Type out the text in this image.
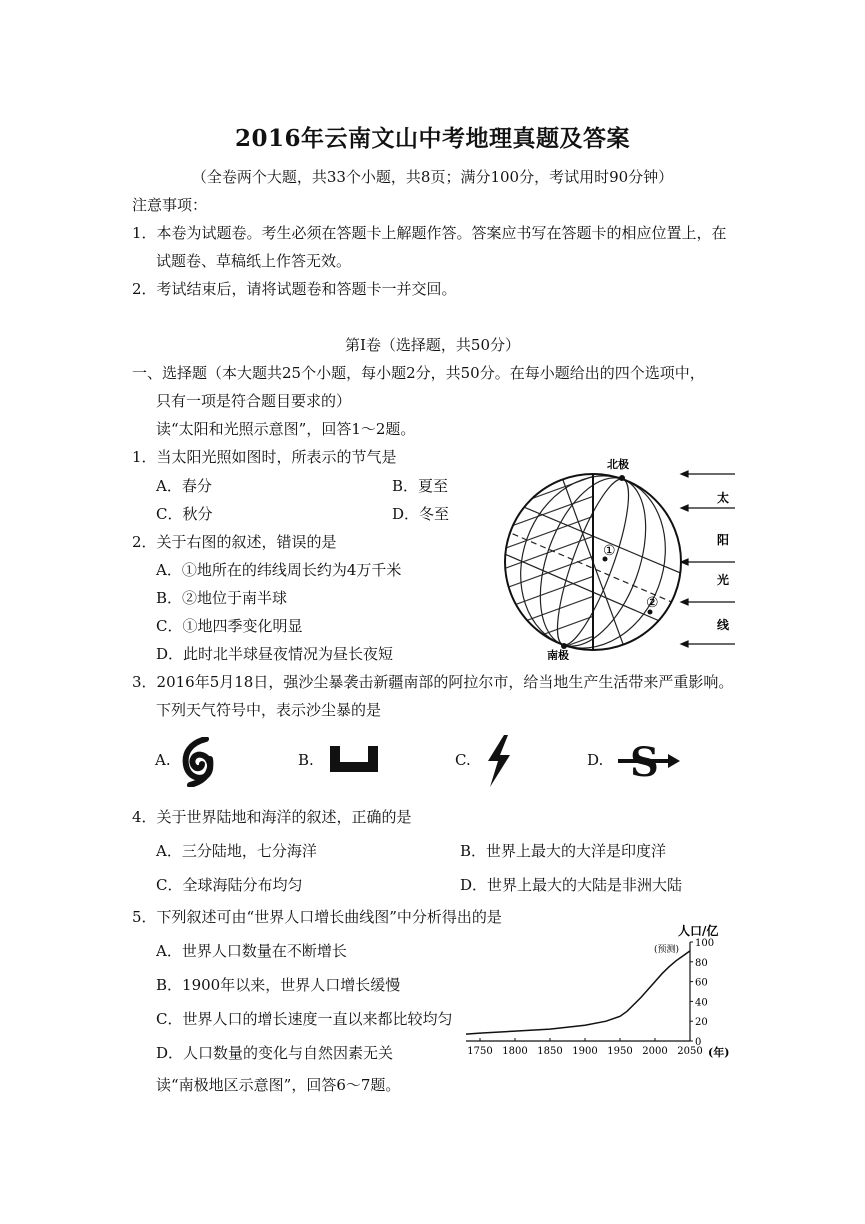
2016年云南文山中考地理真题及答案
（全卷两个大题，共33个小题，共8页；满分100分，考试用时90分钟）
注意事项：
1．本卷为试题卷。考生必须在答题卡上解题作答。答案应书写在答题卡的相应位置上，在
试题卷、草稿纸上作答无效。
2．考试结束后，请将试题卷和答题卡一并交回。
第Ⅰ卷（选择题，共50分）
一、选择题（本大题共25个小题，每小题2分，共50分。在每小题给出的四个选项中，
只有一项是符合题目要求的）
读“太阳和光照示意图”，回答1～2题。
1．当太阳光照如图时，所表示的节气是
A．春分	B．夏至
C．秋分	D．冬至
2．关于右图的叙述，错误的是
A．①地所在的纬线周长约为4万千米
B．②地位于南半球
C．①地四季变化明显
D．此时北半球昼夜情况为昼长夜短
北极
南极
①
②
太
阳
光
线
3．2016年5月18日，强沙尘暴袭击新疆南部的阿拉尔市，给当地生产生活带来严重影响。
下列天气符号中，表示沙尘暴的是
A.	B.	C.	D. S
4．关于世界陆地和海洋的叙述，正确的是
A．三分陆地，七分海洋	B．世界上最大的大洋是印度洋
C．全球海陆分布均匀	D．世界上最大的大陆是非洲大陆
5．下列叙述可由“世界人口增长曲线图”中分析得出的是
A．世界人口数量在不断增长
B．1900年以来，世界人口增长缓慢
C．世界人口的增长速度一直以来都比较均匀
D．人口数量的变化与自然因素无关
人口/亿
(预测)
(年)
1750 1800 1850 1900 1950 2000 2050
0
20
40
60
80
100
读“南极地区示意图”，回答6～7题。
